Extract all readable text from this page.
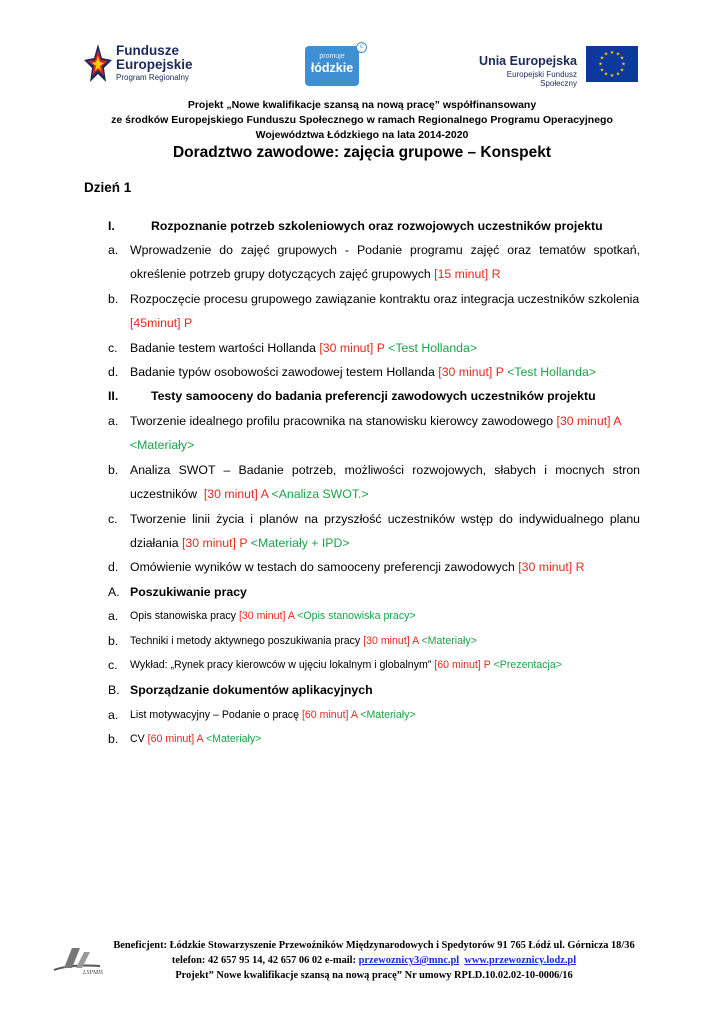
Fundusze
Europejskie
Program Regionalny
promuje
łódzkie
c
Unia Europejska
Europejski Fundusz Społeczny
★ ★
★
★
★
★
★
★
★
★
★
★
Projekt „Nowe kwalifikacje szansą na nową pracę” współfinansowany
ze środków Europejskiego Funduszu Społecznego w ramach Regionalnego Programu Operacyjnego
Województwa Łódzkiego na lata 2014-2020
Doradztwo zawodowe: zajęcia grupowe – Konspekt
Dzień 1
I.	Rozpoznanie potrzeb szkoleniowych oraz rozwojowych uczestników projektu
a. Wprowadzenie do zajęć grupowych - Podanie programu zajęć oraz tematów spotkań,
określenie potrzeb grupy dotyczących zajęć grupowych [15 minut] R
b. Rozpoczęcie procesu grupowego zawiązanie kontraktu oraz integracja uczestników szkolenia
[45minut] P
c.	Badanie testem wartości Hollanda [30 minut] P <Test Hollanda>
d. Badanie typów osobowości zawodowej testem Hollanda [30 minut] P <Test Hollanda>
II.	Testy samooceny do badania preferencji zawodowych uczestników projektu
a. Tworzenie idealnego profilu pracownika na stanowisku kierowcy zawodowego [30 minut] A
<Materiały>
b. Analiza SWOT – Badanie potrzeb, możliwości rozwojowych, słabych i mocnych stron
uczestników [30 minut] A <Analiza SWOT.>
c.	Tworzenie linii życia i planów na przyszłość uczestników wstęp do indywidualnego planu
działania [30 minut] P <Materiały + IPD>
d. Omówienie wyników w testach do samooceny preferencji zawodowych [30 minut] R
A. Poszukiwanie pracy
a.	Opis stanowiska pracy [30 minut] A <Opis stanowiska pracy>
b.	Techniki i metody aktywnego poszukiwania pracy [30 minut] A <Materiały>
c.	Wykład: „Rynek pracy kierowców w ujęciu lokalnym i globalnym” [60 minut] P <Prezentacja>
B. Sporządzanie dokumentów aplikacyjnych
a.	List motywacyjny – Podanie o pracę [60 minut] A <Materiały>
b.	CV [60 minut] A <Materiały>
LSPMIS
Beneficjent: Łódzkie Stowarzyszenie Przewoźników Międzynarodowych i Spedytorów 91 765 Łódź ul. Górnicza 18/36
telefon: 42 657 95 14, 42 657 06 02 e-mail: przewoznicy3@mnc.pl www.przewoznicy.lodz.pl
Projekt” Nowe kwalifikacje szansą na nową pracę” Nr umowy RPLD.10.02.02-10-0006/16
